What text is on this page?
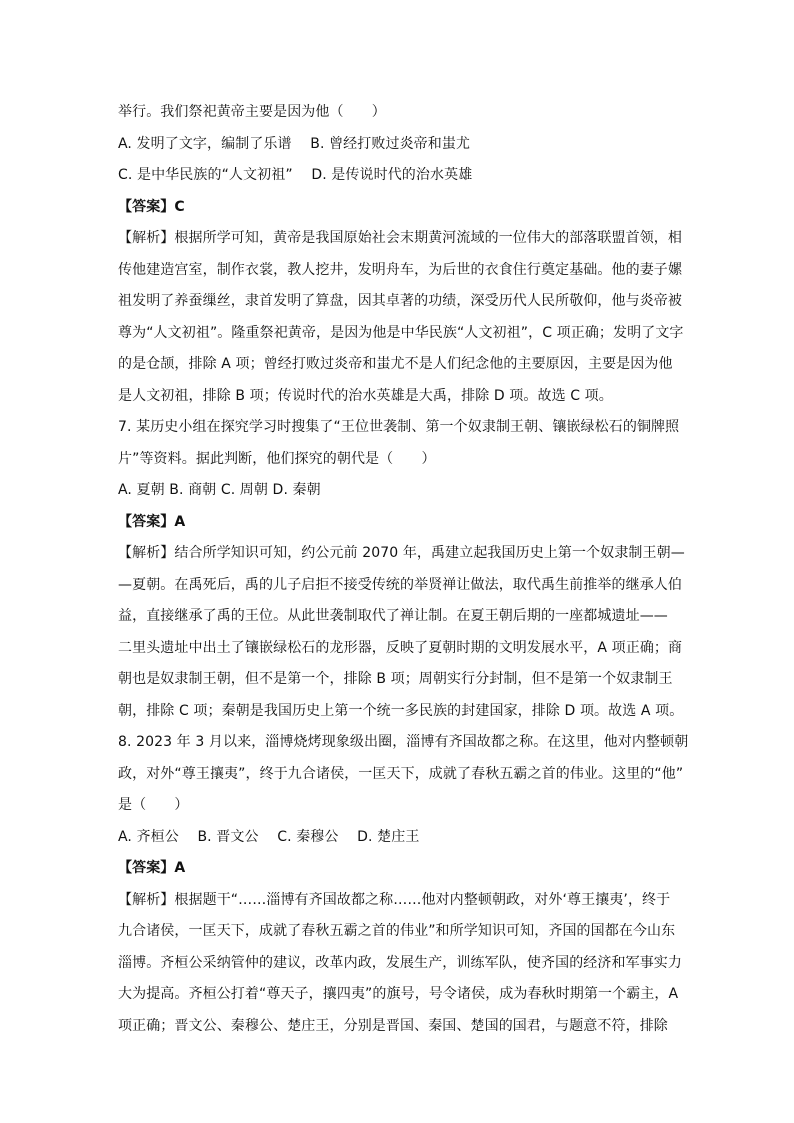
举行。我们祭祀黄帝主要是因为他（　　）
A. 发明了文字，编制了乐谱　 B. 曾经打败过炎帝和蚩尤
C. 是中华民族的“人文初祖”　 D. 是传说时代的治水英雄
【答案】C
【解析】根据所学可知，黄帝是我国原始社会末期黄河流域的一位伟大的部落联盟首领，相
传他建造宫室，制作衣裳，教人挖井，发明舟车，为后世的衣食住行奠定基础。他的妻子嫘
祖发明了养蚕缫丝，隶首发明了算盘，因其卓著的功绩，深受历代人民所敬仰，他与炎帝被
尊为“人文初祖”。隆重祭祀黄帝，是因为他是中华民族“人文初祖”，C 项正确；发明了文字
的是仓颉，排除 A 项；曾经打败过炎帝和蚩尤不是人们纪念他的主要原因，主要是因为他
是人文初祖，排除 B 项；传说时代的治水英雄是大禹，排除 D 项。故选 C 项。
7. 某历史小组在探究学习时搜集了“王位世袭制、第一个奴隶制王朝、镶嵌绿松石的铜牌照
片”等资料。据此判断，他们探究的朝代是（　　）
A. 夏朝 B. 商朝 C. 周朝 D. 秦朝
【答案】A
【解析】结合所学知识可知，约公元前 2070 年，禹建立起我国历史上第一个奴隶制王朝—
—夏朝。在禹死后，禹的儿子启拒不接受传统的举贤禅让做法，取代禹生前推举的继承人伯
益，直接继承了禹的王位。从此世袭制取代了禅让制。在夏王朝后期的一座都城遗址——
二里头遗址中出土了镶嵌绿松石的龙形器，反映了夏朝时期的文明发展水平，A 项正确；商
朝也是奴隶制王朝，但不是第一个，排除 B 项；周朝实行分封制，但不是第一个奴隶制王
朝，排除 C 项；秦朝是我国历史上第一个统一多民族的封建国家，排除 D 项。故选 A 项。
8. 2023 年 3 月以来，淄博烧烤现象级出圈，淄博有齐国故都之称。在这里，他对内整顿朝
政，对外“尊王攘夷”，终于九合诸侯，一匡天下，成就了春秋五霸之首的伟业。这里的“他”
是（　　）
A. 齐桓公　 B. 晋文公　 C. 秦穆公　 D. 楚庄王
【答案】A
【解析】根据题干“……淄博有齐国故都之称……他对内整顿朝政，对外‘尊王攘夷’，终于
九合诸侯，一匡天下，成就了春秋五霸之首的伟业”和所学知识可知，齐国的国都在今山东
淄博。齐桓公采纳管仲的建议，改革内政，发展生产，训练军队，使齐国的经济和军事实力
大为提高。齐桓公打着“尊天子，攘四夷”的旗号，号令诸侯，成为春秋时期第一个霸主，A
项正确；晋文公、秦穆公、楚庄王，分别是晋国、秦国、楚国的国君，与题意不符，排除
